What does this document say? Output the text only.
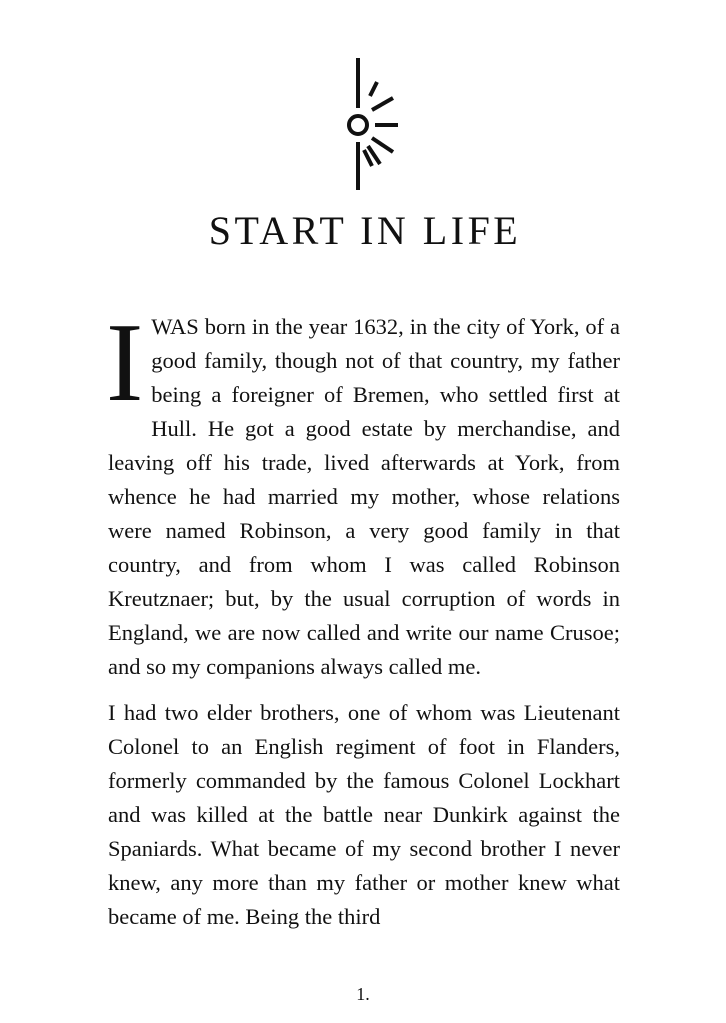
START IN LIFE

IWAS born in the year 1632, in the city of York, of a good family, though not of that country, my father being a foreigner of Bremen, who settled first at Hull. He got a good estate by merchandise, and leaving off his trade, lived afterwards at York, from whence he had married my mother, whose relations were named Robinson, a very good family in that country, and from whom I was called Robinson Kreutznaer; but, by the usual corruption of words in England, we are now called and write our name Crusoe; and so my companions always called me.

I had two elder brothers, one of whom was Lieutenant Colonel to an English regiment of foot in Flanders, formerly commanded by the famous Colonel Lockhart and was killed at the battle near Dunkirk against the Spaniards. What became of my second brother I never knew, any more than my father or mother knew what became of me. Being the third

1.
